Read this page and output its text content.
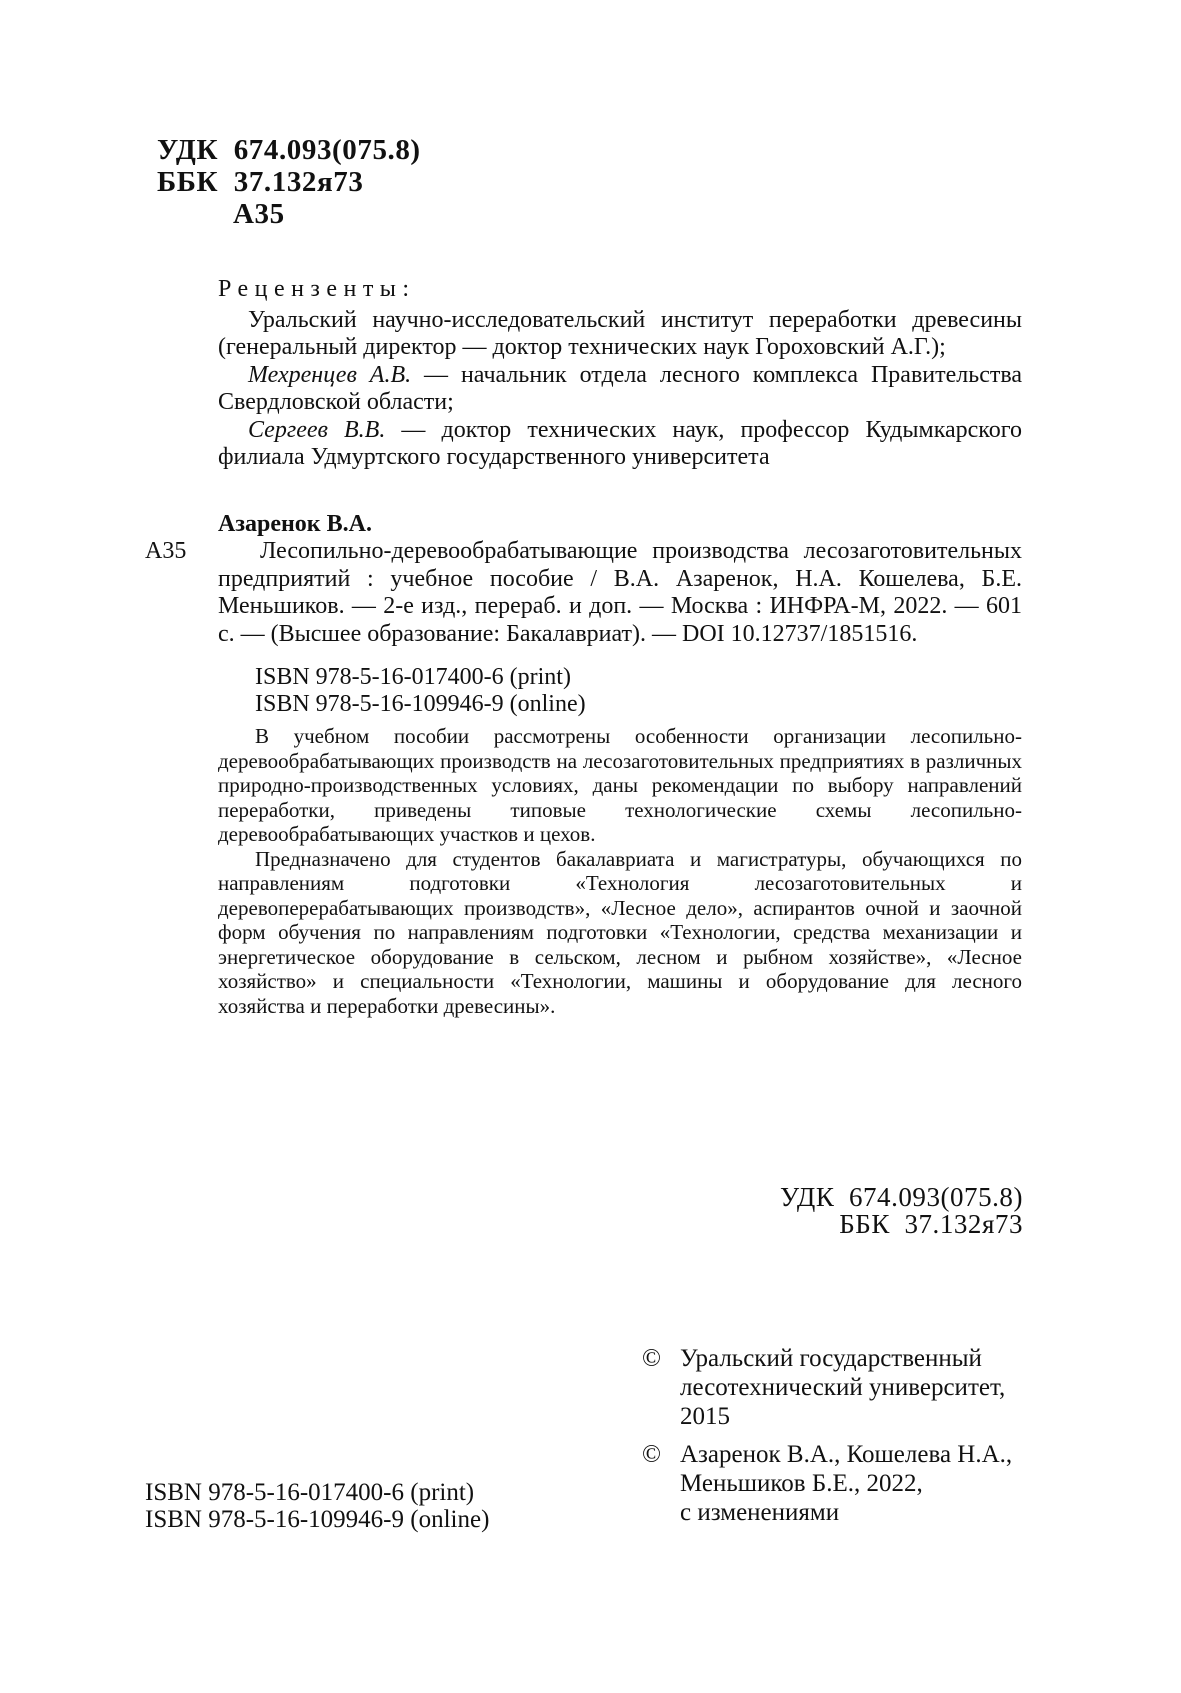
УДК  674.093(075.8)
ББК  37.132я73
А35
Рецензенты:

Уральский научно-исследовательский институт переработки древесины (генеральный директор — доктор технических наук Гороховский А.Г.);

Мехренцев А.В. — начальник отдела лесного комплекса Правительства Свердловской области;

Сергеев В.В. — доктор технических наук, профессор Кудымкарского филиала Удмуртского государственного университета

Азаренок В.А.
А35	Лесопильно-деревообрабатывающие производства лесозаготовительных предприятий : учебное пособие / В.А. Азаренок, Н.А. Кошелева, Б.Е. Меньшиков. — 2-е изд., перераб. и доп. — Москва : ИНФРА-М, 2022. — 601 с. — (Высшее образование: Бакалавриат). — DOI 10.12737/1851516.

ISBN 978-5-16-017400-6 (print)
ISBN 978-5-16-109946-9 (online)

В учебном пособии рассмотрены особенности организации лесопильно-деревообрабатывающих производств на лесозаготовительных предприятиях в различных природно-производственных условиях, даны рекомендации по выбору направлений переработки, приведены типовые технологические схемы лесопильно-деревообрабатывающих участков и цехов.

Предназначено для студентов бакалавриата и магистратуры, обучающихся по направлениям подготовки «Технология лесозаготовительных и деревоперерабатывающих производств», «Лесное дело», аспирантов очной и заочной форм обучения по направлениям подготовки «Технологии, средства механизации и энергетическое оборудование в сельском, лесном и рыбном хозяйстве», «Лесное хозяйство» и специальности «Технологии, машины и оборудование для лесного хозяйства и переработки древесины».

УДК  674.093(075.8)
ББК  37.132я73
© Уральский государственный
лесотехнический университет,
2015
© Азаренок В.А., Кошелева Н.А.,
Меньшиков Б.Е., 2022,
с изменениями
ISBN 978-5-16-017400-6 (print)
ISBN 978-5-16-109946-9 (online)
